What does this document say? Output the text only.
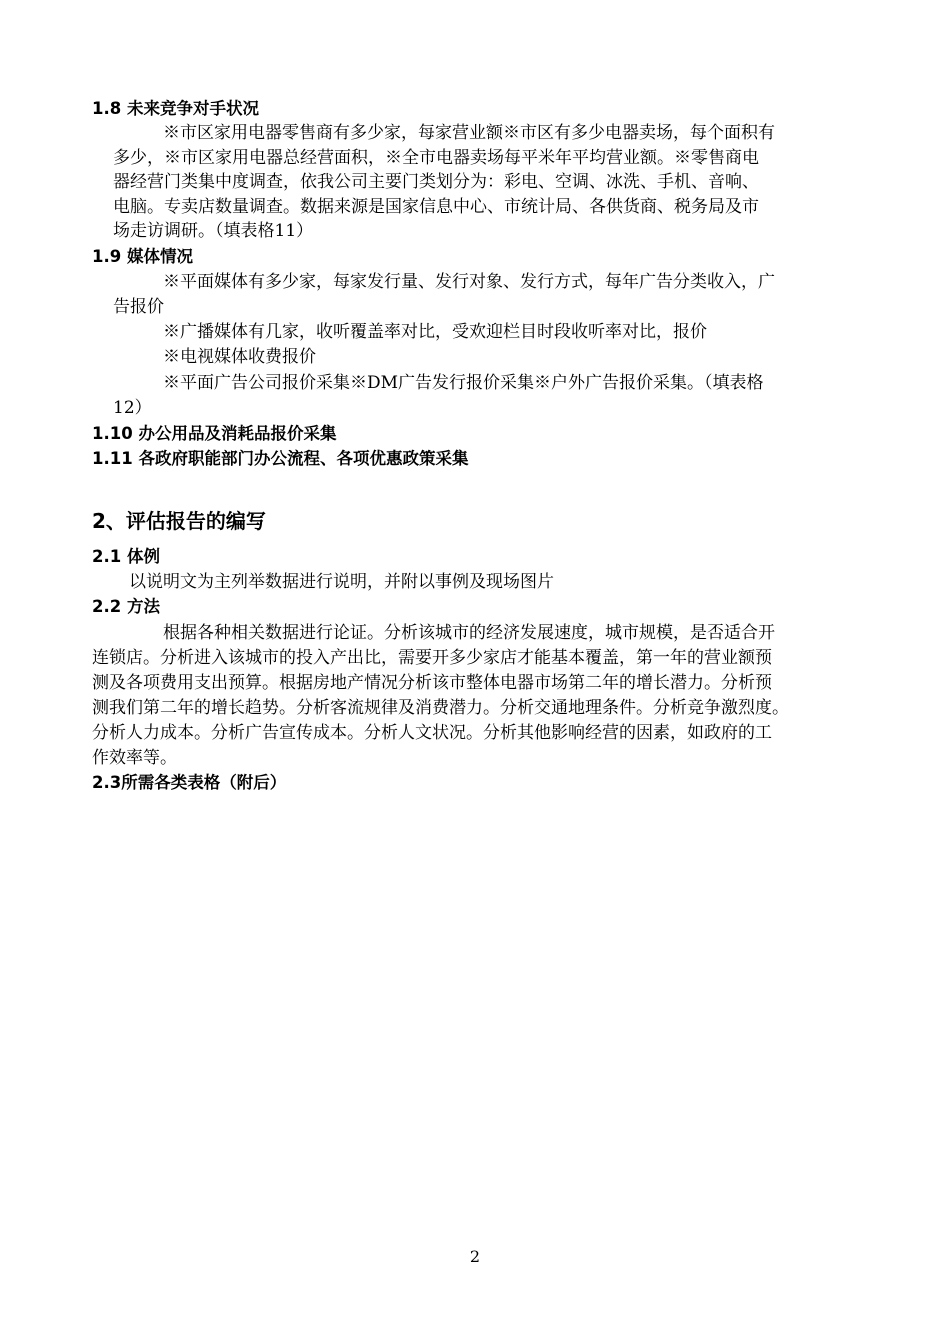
1.8 未来竞争对手状况
※市区家用电器零售商有多少家，每家营业额※市区有多少电器卖场，每个面积有
多少，※市区家用电器总经营面积，※全市电器卖场每平米年平均营业额。※零售商电
器经营门类集中度调查，依我公司主要门类划分为：彩电、空调、冰洗、手机、音响、
电脑。专卖店数量调查。数据来源是国家信息中心、市统计局、各供货商、税务局及市
场走访调研。（填表格11）
1.9 媒体情况
※平面媒体有多少家，每家发行量、发行对象、发行方式，每年广告分类收入，广
告报价
※广播媒体有几家，收听覆盖率对比，受欢迎栏目时段收听率对比，报价
※电视媒体收费报价
※平面广告公司报价采集※DM广告发行报价采集※户外广告报价采集。（填表格
12）
1.10 办公用品及消耗品报价采集
1.11 各政府职能部门办公流程、各项优惠政策采集
2、评估报告的编写
2.1 体例
以说明文为主列举数据进行说明，并附以事例及现场图片
2.2 方法
根据各种相关数据进行论证。分析该城市的经济发展速度，城市规模，是否适合开
连锁店。分析进入该城市的投入产出比，需要开多少家店才能基本覆盖，第一年的营业额预
测及各项费用支出预算。根据房地产情况分析该市整体电器市场第二年的增长潜力。分析预
测我们第二年的增长趋势。分析客流规律及消费潜力。分析交通地理条件。分析竞争激烈度。
分析人力成本。分析广告宣传成本。分析人文状况。分析其他影响经营的因素，如政府的工
作效率等。
2.3所需各类表格（附后）
2
